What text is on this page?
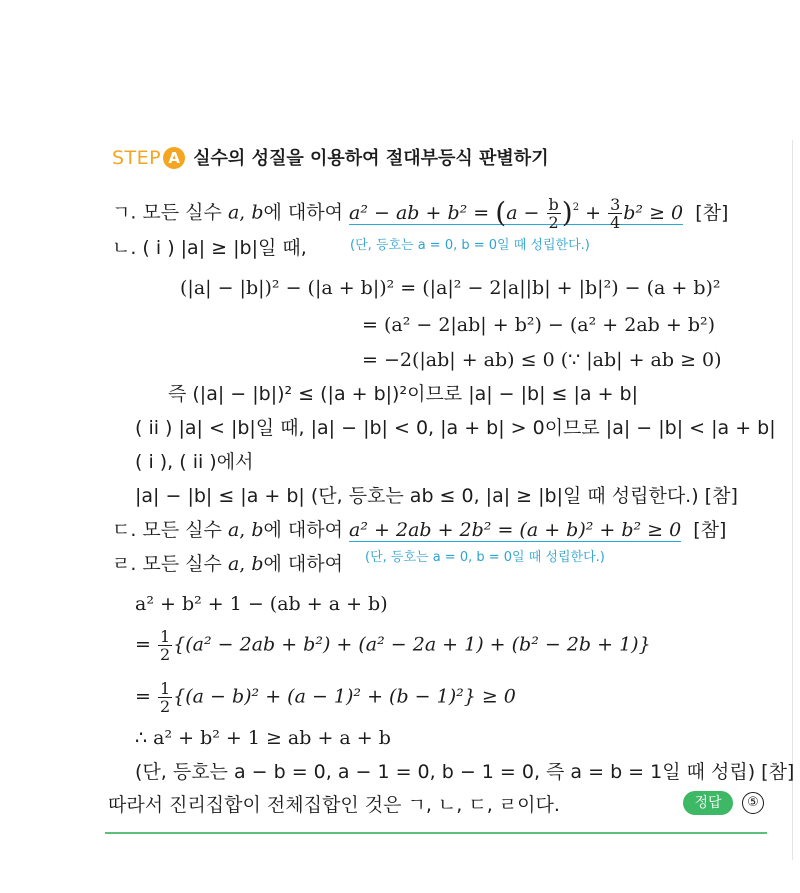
STEP A 실수의 성질을 이용하여 절대부등식 판별하기
ㄱ. 모든 실수 a, b에 대하여 a² − ab + $b^2 = (a - \frac{b}{2} )^2 + \frac{3}{4} b^2 \ge 0$ [참]
(단, 등호는 a = 0, b = 0일 때 성립한다.)
ㄴ. ( i ) |a| ≥ |b|일 때,
(|a| − |b|)² − (|a + b|)² = (|a|² − 2|a||b| + |b|²) − (a + b)²
= (a² − 2|ab| + b²) − (a² + 2ab + b²)
= −2(|ab| + ab) ≤ 0 (∵ |ab| + ab ≥ 0)
즉 (|a| − |b|)² ≤ (|a + b|)²이므로 |a| − |b| ≤ |a + b|
( ii ) |a| < |b|일 때, |a| − |b| < 0, |a + b| > 0이므로 |a| − |b| < |a + b|
( i ), ( ii )에서
|a| − |b| ≤ |a + b| (단, 등호는 ab ≤ 0, |a| ≥ |b|일 때 성립한다.) [참]
ㄷ. 모든 실수 a, b에 대하여 a² + 2ab + 2b² = (a + b)² + b² ≥ 0 [참]
ㄹ. 모든 실수 a, b에 대하여 (단, 등호는 a = 0, b = 0일 때 성립한다.)
a² + b² + 1 − (ab + a + b)
= $\frac{1}{2} \{(a^2 - 2ab + b^2) + (a^2 - 2a + 1) + (b^2 - 2b + 1)\}$
= $\frac{1}{2} \{(a - b)^2 + (a - 1)^2 + (b - 1)^2\} \ge 0$
∴ a² + b² + 1 ≥ ab + a + b
(단, 등호는 a − b = 0, a − 1 = 0, b − 1 = 0, 즉 a = b = 1일 때 성립) [참]
따라서 진리집합이 전체집합인 것은 ㄱ, ㄴ, ㄷ, ㄹ이다.	정답	⑤
